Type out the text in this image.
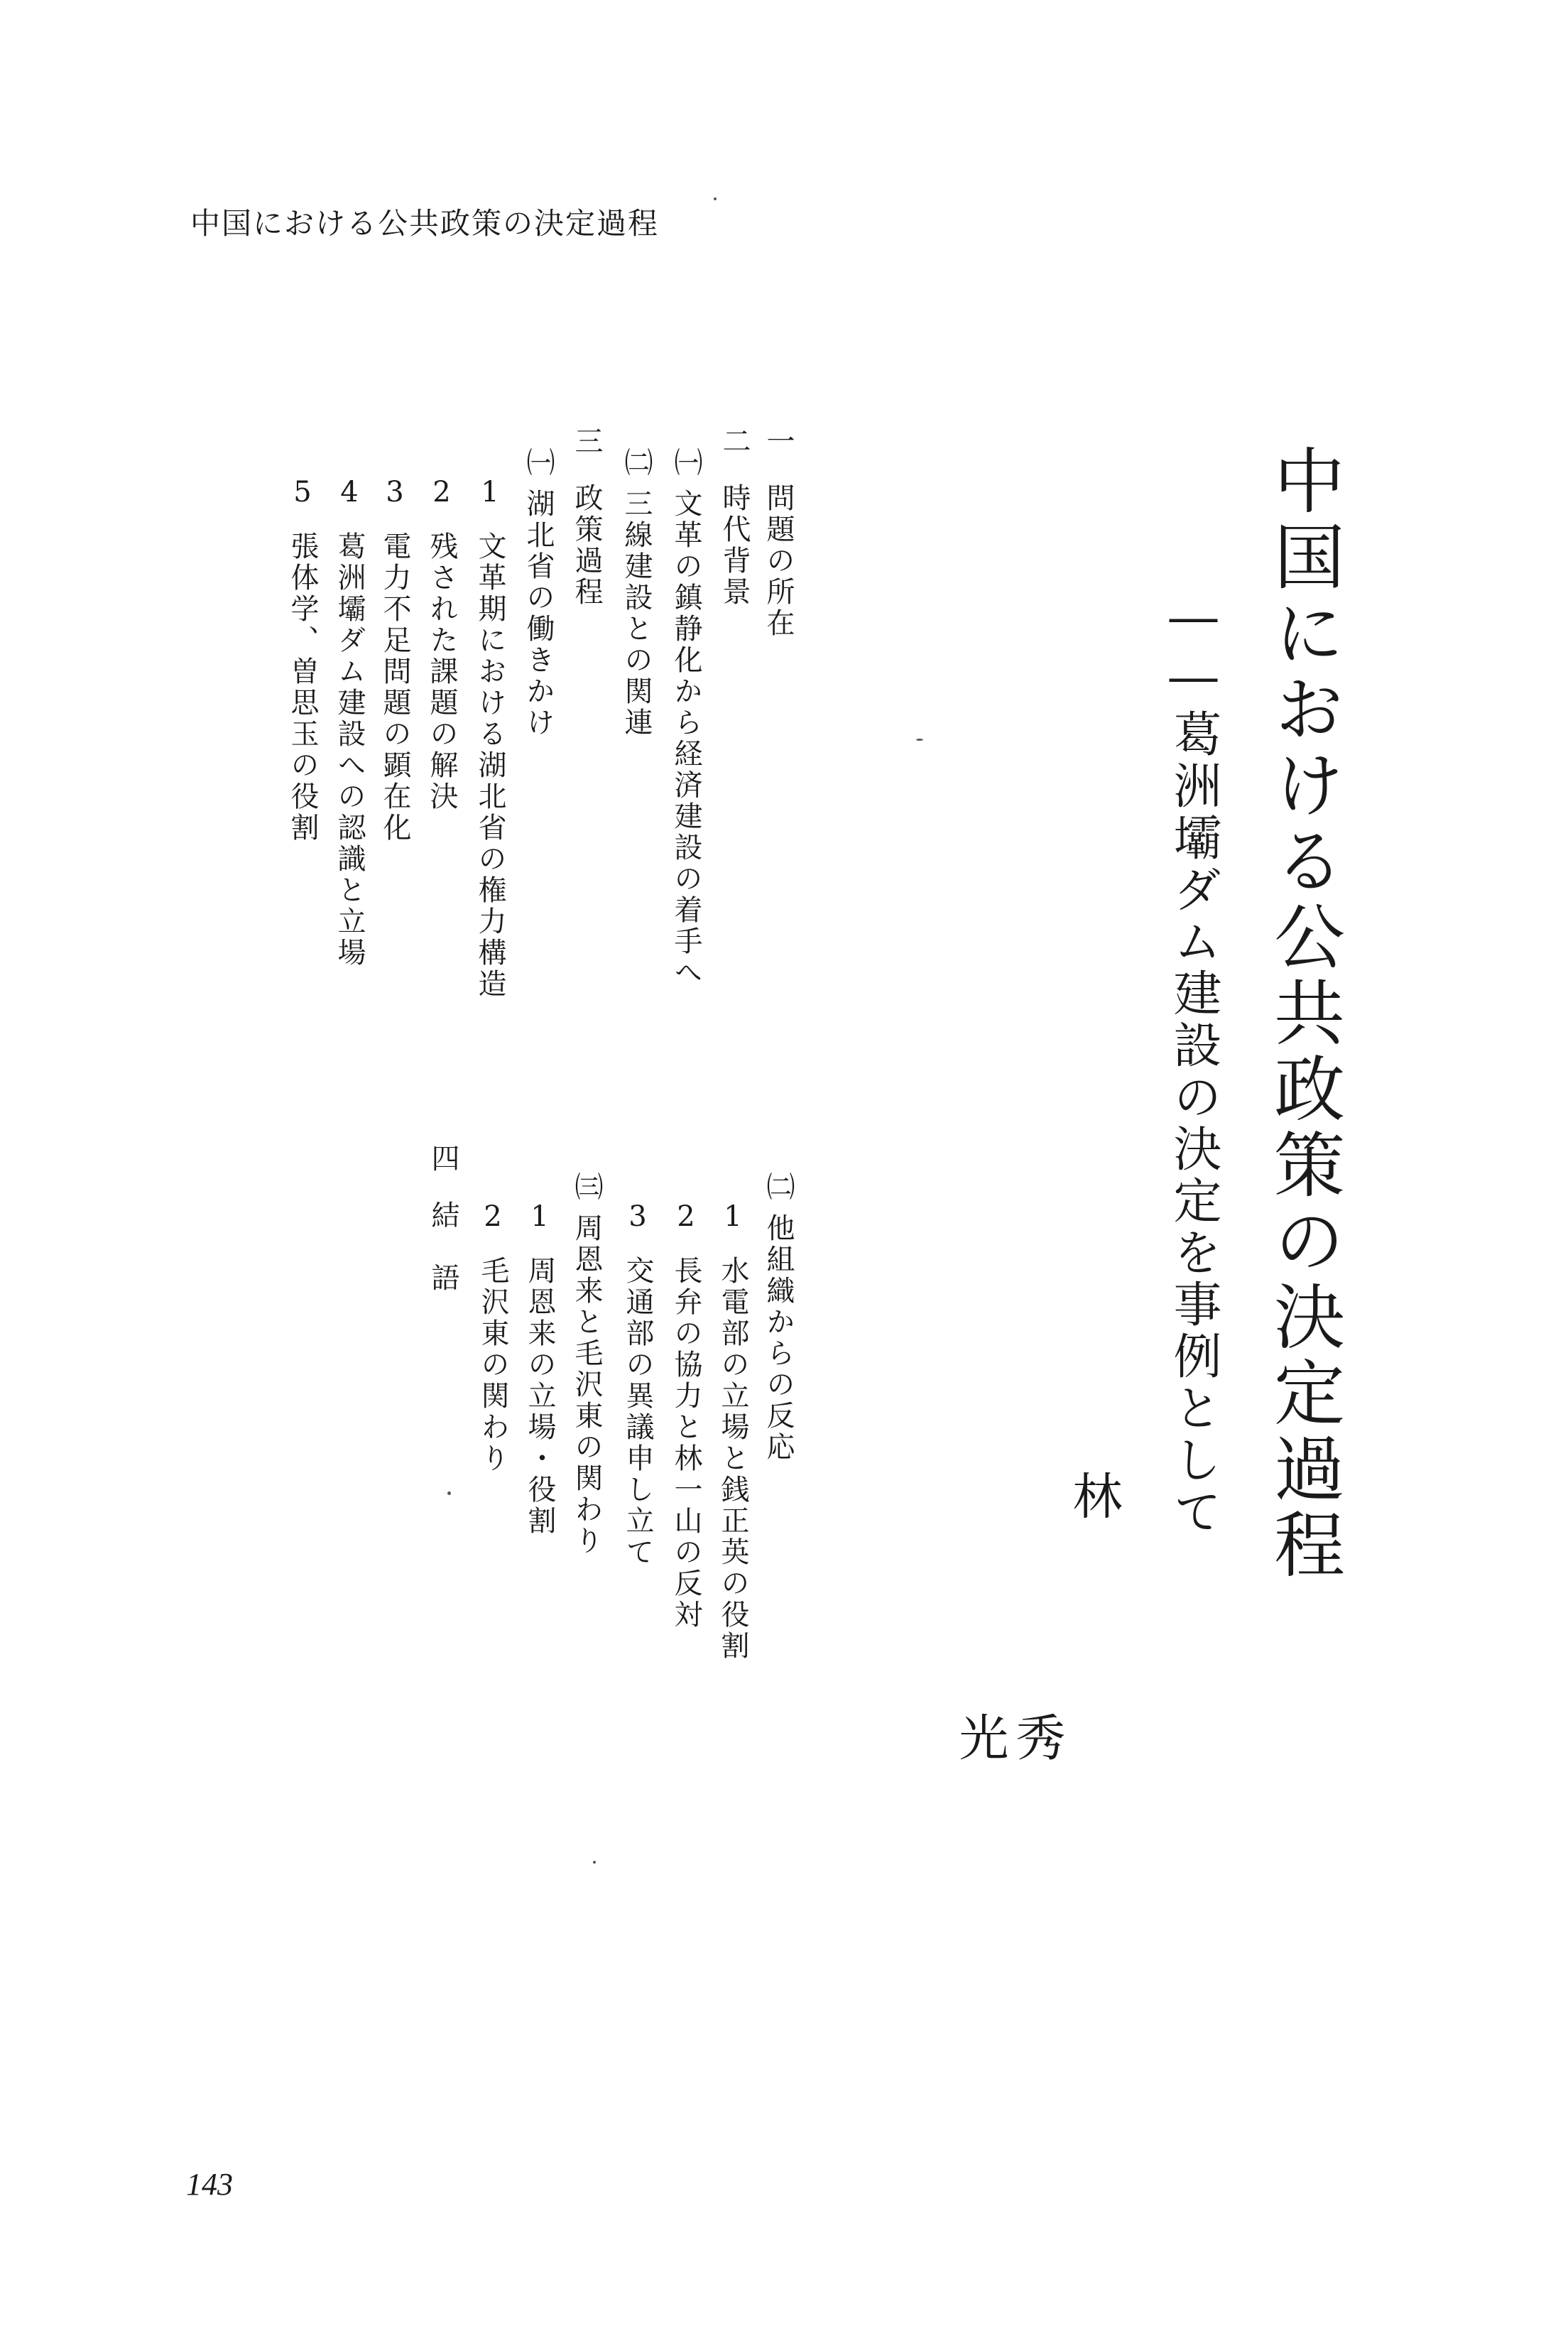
中国における公共政策の決定過程
中国における公共政策の決定過程
――葛洲壩ダム建設の決定を事例として
林
秀
光
一問題の所在
二時代背景
㈠文革の鎮静化から経済建設の着手へ
㈡三線建設との関連
三政策過程
㈠湖北省の働きかけ
1文革期における湖北省の権力構造
2残された課題の解決
3電力不足問題の顕在化
4葛洲壩ダム建設への認識と立場
5張体学、曽思玉の役割
㈡他組織からの反応
1水電部の立場と銭正英の役割
2長弁の協力と林一山の反対
3交通部の異議申し立て
㈢周恩来と毛沢東の関わり
1周恩来の立場・役割
2毛沢東の関わり
四結　語
143
